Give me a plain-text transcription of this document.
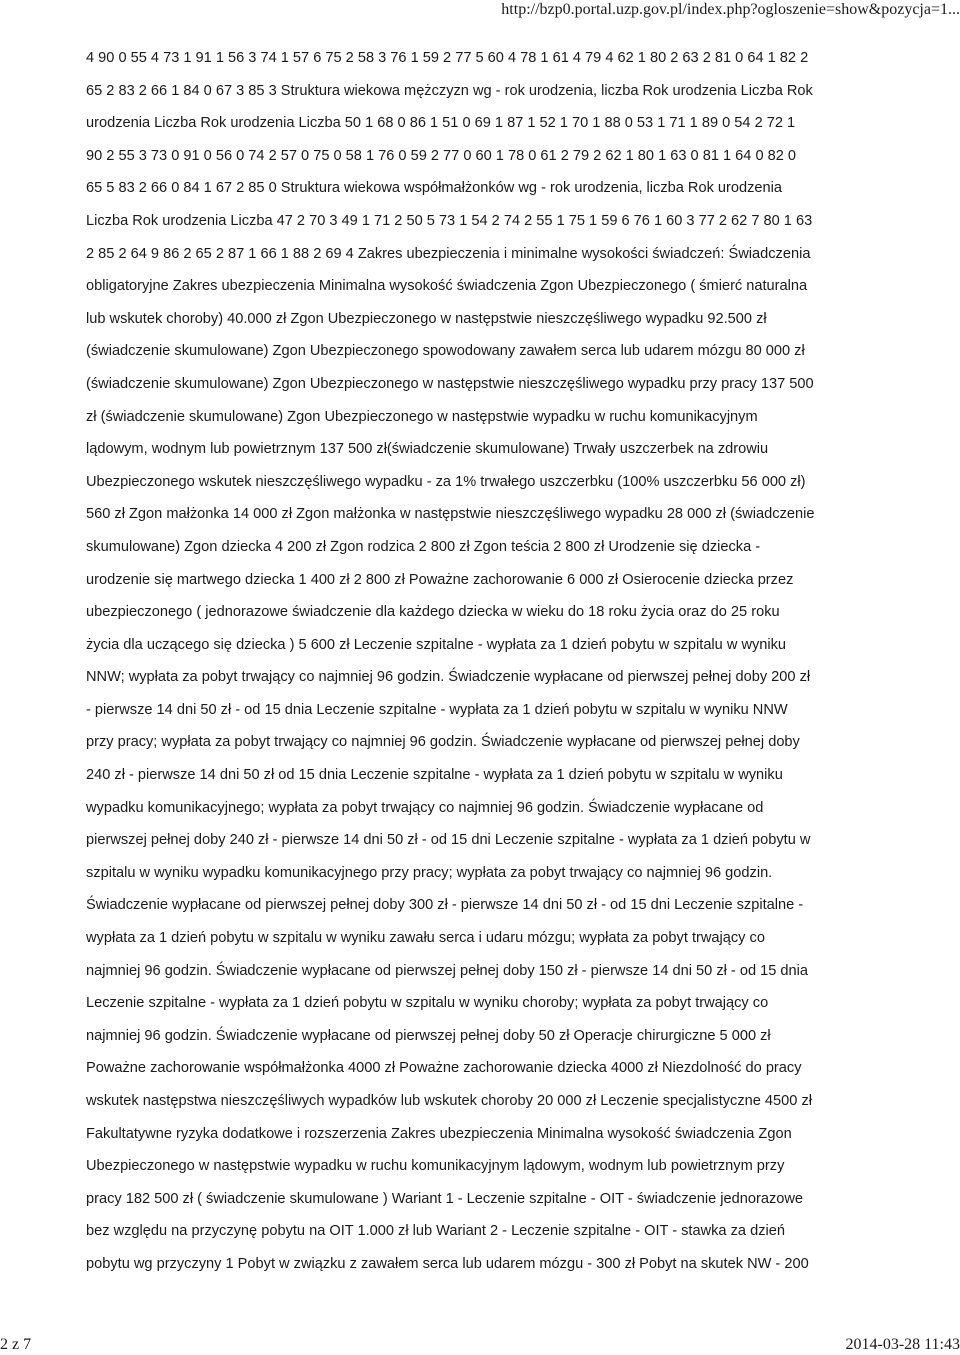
http://bzp0.portal.uzp.gov.pl/index.php?ogloszenie=show&pozycja=1...
4 90 0 55 4 73 1 91 1 56 3 74 1 57 6 75 2 58 3 76 1 59 2 77 5 60 4 78 1 61 4 79 4 62 1 80 2 63 2 81 0 64 1 82 2
65 2 83 2 66 1 84 0 67 3 85 3 Struktura wiekowa mężczyzn wg - rok urodzenia, liczba Rok urodzenia Liczba Rok
urodzenia Liczba Rok urodzenia Liczba 50 1 68 0 86 1 51 0 69 1 87 1 52 1 70 1 88 0 53 1 71 1 89 0 54 2 72 1
90 2 55 3 73 0 91 0 56 0 74 2 57 0 75 0 58 1 76 0 59 2 77 0 60 1 78 0 61 2 79 2 62 1 80 1 63 0 81 1 64 0 82 0
65 5 83 2 66 0 84 1 67 2 85 0 Struktura wiekowa współmałżonków wg - rok urodzenia, liczba Rok urodzenia
Liczba Rok urodzenia Liczba 47 2 70 3 49 1 71 2 50 5 73 1 54 2 74 2 55 1 75 1 59 6 76 1 60 3 77 2 62 7 80 1 63
2 85 2 64 9 86 2 65 2 87 1 66 1 88 2 69 4 Zakres ubezpieczenia i minimalne wysokości świadczeń: Świadczenia
obligatoryjne Zakres ubezpieczenia Minimalna wysokość świadczenia Zgon Ubezpieczonego ( śmierć naturalna
lub wskutek choroby) 40.000 zł Zgon Ubezpieczonego w następstwie nieszczęśliwego wypadku 92.500 zł
(świadczenie skumulowane) Zgon Ubezpieczonego spowodowany zawałem serca lub udarem mózgu 80 000 zł
(świadczenie skumulowane) Zgon Ubezpieczonego w następstwie nieszczęśliwego wypadku przy pracy 137 500
zł (świadczenie skumulowane) Zgon Ubezpieczonego w następstwie wypadku w ruchu komunikacyjnym
lądowym, wodnym lub powietrznym 137 500 zł(świadczenie skumulowane) Trwały uszczerbek na zdrowiu
Ubezpieczonego wskutek nieszczęśliwego wypadku - za 1% trwałego uszczerbku (100% uszczerbku 56 000 zł)
560 zł Zgon małżonka 14 000 zł Zgon małżonka w następstwie nieszczęśliwego wypadku 28 000 zł (świadczenie
skumulowane) Zgon dziecka 4 200 zł Zgon rodzica 2 800 zł Zgon teścia 2 800 zł Urodzenie się dziecka -
urodzenie się martwego dziecka 1 400 zł 2 800 zł Poważne zachorowanie 6 000 zł Osierocenie dziecka przez
ubezpieczonego ( jednorazowe świadczenie dla każdego dziecka w wieku do 18 roku życia oraz do 25 roku
życia dla uczącego się dziecka ) 5 600 zł Leczenie szpitalne - wypłata za 1 dzień pobytu w szpitalu w wyniku
NNW; wypłata za pobyt trwający co najmniej 96 godzin. Świadczenie wypłacane od pierwszej pełnej doby 200 zł
- pierwsze 14 dni 50 zł - od 15 dnia Leczenie szpitalne - wypłata za 1 dzień pobytu w szpitalu w wyniku NNW
przy pracy; wypłata za pobyt trwający co najmniej 96 godzin. Świadczenie wypłacane od pierwszej pełnej doby
240 zł - pierwsze 14 dni 50 zł od 15 dnia Leczenie szpitalne - wypłata za 1 dzień pobytu w szpitalu w wyniku
wypadku komunikacyjnego; wypłata za pobyt trwający co najmniej 96 godzin. Świadczenie wypłacane od
pierwszej pełnej doby 240 zł - pierwsze 14 dni 50 zł - od 15 dni Leczenie szpitalne - wypłata za 1 dzień pobytu w
szpitalu w wyniku wypadku komunikacyjnego przy pracy; wypłata za pobyt trwający co najmniej 96 godzin.
Świadczenie wypłacane od pierwszej pełnej doby 300 zł - pierwsze 14 dni 50 zł - od 15 dni Leczenie szpitalne -
wypłata za 1 dzień pobytu w szpitalu w wyniku zawału serca i udaru mózgu; wypłata za pobyt trwający co
najmniej 96 godzin. Świadczenie wypłacane od pierwszej pełnej doby 150 zł - pierwsze 14 dni 50 zł - od 15 dnia
Leczenie szpitalne - wypłata za 1 dzień pobytu w szpitalu w wyniku choroby; wypłata za pobyt trwający co
najmniej 96 godzin. Świadczenie wypłacane od pierwszej pełnej doby 50 zł Operacje chirurgiczne 5 000 zł
Poważne zachorowanie współmałżonka 4000 zł Poważne zachorowanie dziecka 4000 zł Niezdolność do pracy
wskutek następstwa nieszczęśliwych wypadków lub wskutek choroby 20 000 zł Leczenie specjalistyczne 4500 zł
Fakultatywne ryzyka dodatkowe i rozszerzenia Zakres ubezpieczenia Minimalna wysokość świadczenia Zgon
Ubezpieczonego w następstwie wypadku w ruchu komunikacyjnym lądowym, wodnym lub powietrznym przy
pracy 182 500 zł ( świadczenie skumulowane ) Wariant 1 - Leczenie szpitalne - OIT - świadczenie jednorazowe
bez względu na przyczynę pobytu na OIT 1.000 zł lub Wariant 2 - Leczenie szpitalne - OIT - stawka za dzień
pobytu wg przyczyny 1 Pobyt w związku z zawałem serca lub udarem mózgu - 300 zł Pobyt na skutek NW - 200
2 z 7	2014-03-28 11:43
